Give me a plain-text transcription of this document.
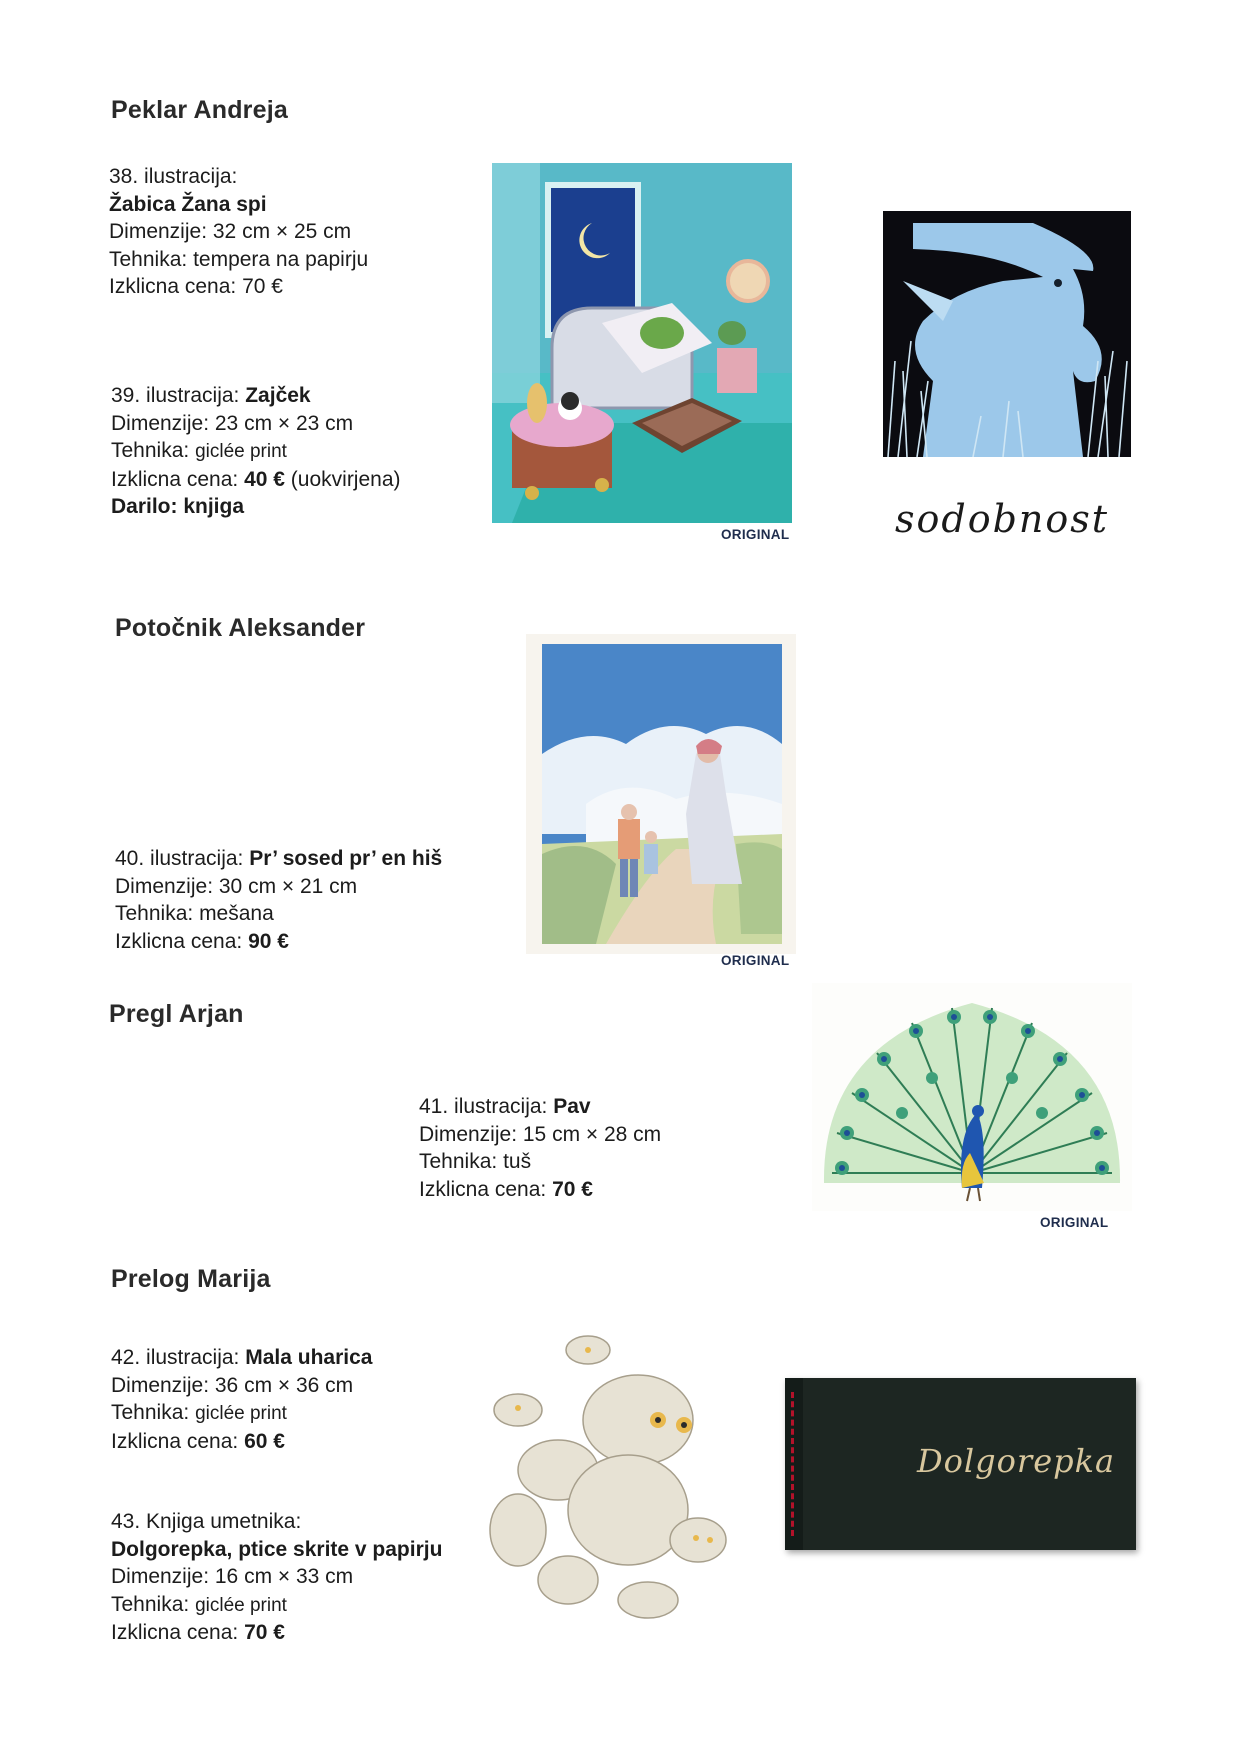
Peklar Andreja
38. ilustracija:
Žabica Žana spi
Dimenzije: 32 cm × 25 cm
Tehnika: tempera na papirju
Izklicna cena: 70 €
39. ilustracija: Zajček
Dimenzije: 23 cm × 23 cm
Tehnika: giclée print
Izklicna cena: 40 € (uokvirjena)
Darilo: knjiga
ORIGINAL	sodobnost
Potočnik Aleksander
40. ilustracija: Pr’ sosed pr’ en hiš
Dimenzije: 30 cm × 21 cm
Tehnika: mešana
Izklicna cena: 90 €
ORIGINAL
Pregl Arjan
41. ilustracija: Pav
Dimenzije: 15 cm × 28 cm
Tehnika: tuš
Izklicna cena: 70 €
ORIGINAL
Prelog Marija
42. ilustracija: Mala uharica
Dimenzije: 36 cm × 36 cm
Tehnika: giclée print
Izklicna cena: 60 €
43. Knjiga umetnika:
Dolgorepka, ptice skrite v papirju
Dimenzije: 16 cm × 33 cm
Tehnika: giclée print
Izklicna cena: 70 €
Dolgorepka
